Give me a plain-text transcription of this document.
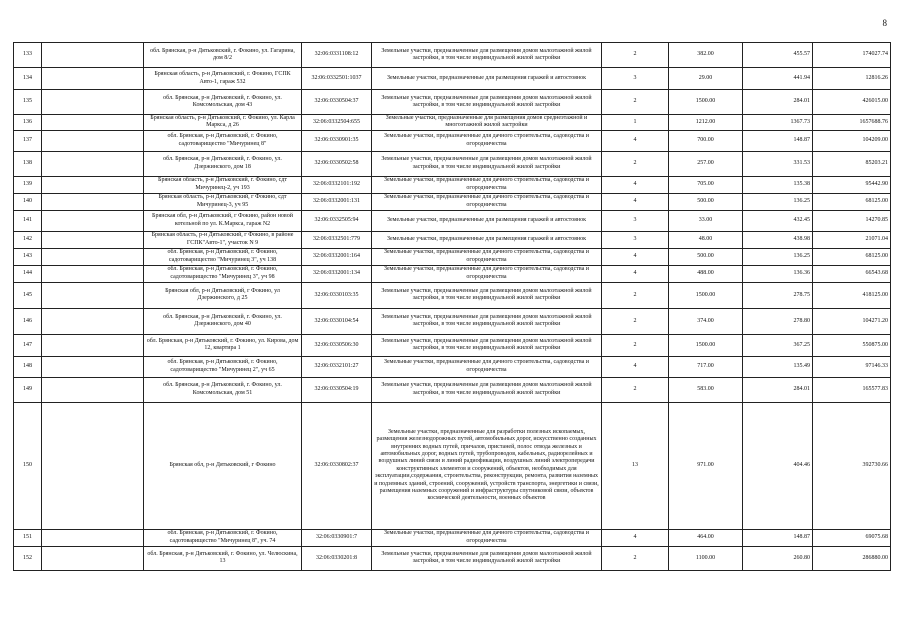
8
133		обл. Брянская, р-н Дятьковский, г. Фокино, ул. Гагарина, дом 8/2	32:06:0331108:12	Земельные участки, предназначенные для размещения домов малоэтажной жилой застройки, в том числе индивидуальной жилой застройки	2	382.00	455.57	174027.74
134		Брянская область, р-н Дятьковский, г. Фокино, ГСПК Авто-1, гараж 532	32:06:0332501:1037	Земельные участки, предназначенные для размещения гаражей и автостоянок	3	29.00	441.94	12816.26
135		обл. Брянская, р-н Дятьковский, г. Фокино, ул. Комсомольская, дом 43	32:06:0330504:37	Земельные участки, предназначенные для размещения домов малоэтажной жилой застройки, в том числе индивидуальной жилой застройки	2	1500.00	284.01	426015.00
136		Брянская область, р-н Дятьковский, г. Фокино, ул. Карла Маркса, д 26	32:06:0332504:655	Земельные участки, предназначенные для размещения домов среднеэтажной и многоэтажной жилой застройки	1	1212.00	1367.73	1657688.76
137		обл. Брянская, р-н Дятьковский, г. Фокино, садотоварищество "Мичуринец 8"	32:06:0330901:35	Земельные участки, предназначенные для дачного строительства, садоводства и огородничества	4	700.00	148.87	104209.00
138		обл. Брянская, р-н Дятьковский, г. Фокино, ул. Дзержинского, дом 18	32:06:0330502:58	Земельные участки, предназначенные для размещения домов малоэтажной жилой застройки, в том числе индивидуальной жилой застройки	2	257.00	331.53	85203.21
139		Брянская область, р-н Дятьковский, г. Фокино, сдт Мичуринец-2, уч 193	32:06:0332101:192	Земельные участки, предназначенные для дачного строительства, садоводства и огородничества	4	705.00	135.38	95442.90
140		Брянская область, р-н Дятьковский, г Фокино, сдт Мичуринец-3, уч 95	32:06:0332001:131	Земельные участки, предназначенные для дачного строительства, садоводства и огородничества	4	500.00	136.25	68125.00
141		Брянская обл, р-н Дятьковский, г Фокино, район новой котельной по ул. К.Маркса, гараж N2	32:06:0332505:94	Земельные участки, предназначенные для размещения гаражей и автостоянок	3	33.00	432.45	14270.85
142		Брянская область, р-н Дятьковский, г Фокино, в районе ГСПК"Авто-1", участок N 9	32:06:0332501:779	Земельные участки, предназначенные для размещения гаражей и автостоянок	3	48.00	438.98	21071.04
143		обл. Брянская, р-н Дятьковский, г. Фокино, садотоварищество "Мичуринец 3", уч 138	32:06:0332001:164	Земельные участки, предназначенные для дачного строительства, садоводства и огородничества	4	500.00	136.25	68125.00
144		обл. Брянская, р-н Дятьковский, г. Фокино, садотоварищество "Мичуринец 3", уч 98	32:06:0332001:134	Земельные участки, предназначенные для дачного строительства, садоводства и огородничества	4	488.00	136.36	66543.68
145		Брянская обл, р-н Дятьковский, г Фокино, ул Дзержинского, д 25	32:06:0330103:35	Земельные участки, предназначенные для размещения домов малоэтажной жилой застройки, в том числе индивидуальной жилой застройки	2	1500.00	278.75	418125.00
146		обл. Брянская, р-н Дятьковский, г. Фокино, ул. Дзержинского, дом 40	32:06:0330104:54	Земельные участки, предназначенные для размещения домов малоэтажной жилой застройки, в том числе индивидуальной жилой застройки	2	374.00	278.80	104271.20
147		обл. Брянская, р-н Дятьковский, г. Фокино, ул. Кирова, дом 12, квартира 1	32:06:0330506:30	Земельные участки, предназначенные для размещения домов малоэтажной жилой застройки, в том числе индивидуальной жилой застройки	2	1500.00	367.25	550875.00
148		обл. Брянская, р-н Дятьковский, г. Фокино, садотоварищество "Мичуринец 2", уч 65	32:06:0332101:27	Земельные участки, предназначенные для дачного строительства, садоводства и огородничества	4	717.00	135.49	97146.33
149		обл. Брянская, р-н Дятьковский, г. Фокино, ул. Комсомольская, дом 51	32:06:0330504:19	Земельные участки, предназначенные для размещения домов малоэтажной жилой застройки, в том числе индивидуальной жилой застройки	2	583.00	284.01	165577.83
150		Брянская обл, р-н Дятьковский, г Фокино	32:06:0330802:37	Земельные участки, предназначенные для разработки полезных ископаемых, размещения железнодорожных путей, автомобильных дорог, искусственно созданных внутренних водных путей, причалов, пристаней, полос отвода железных и автомобильных дорог, водных путей, трубопроводов, кабельных, радиорелейных и воздушных линий связи и линий радиофикации, воздушных линий электропередачи конструктивных элементов и сооружений, объектов, необходимых для эксплуатации,содержания, строительства, реконструкции, ремонта, развития наземных и подземных зданий, строений, сооружений, устройств транспорта, энергетики и связи, размещения наземных сооружений и инфраструктуры спутниковой связи, объектов космической деятельности, военных объектов	13	971.00	404.46	392730.66
151		обл. Брянская, р-н Дятьковский, г. Фокино, садотоварищество "Мичуринец 8", уч. 74	32:06:0330901:7	Земельные участки, предназначенные для дачного строительства, садоводства и огородничества	4	464.00	148.87	69075.68
152		обл. Брянская, р-н Дятьковский, г. Фокино, ул. Челюскина, 13	32:06:0330201:8	Земельные участки, предназначенные для размещения домов малоэтажной жилой застройки, в том числе индивидуальной жилой застройки	2	1100.00	260.80	286880.00
